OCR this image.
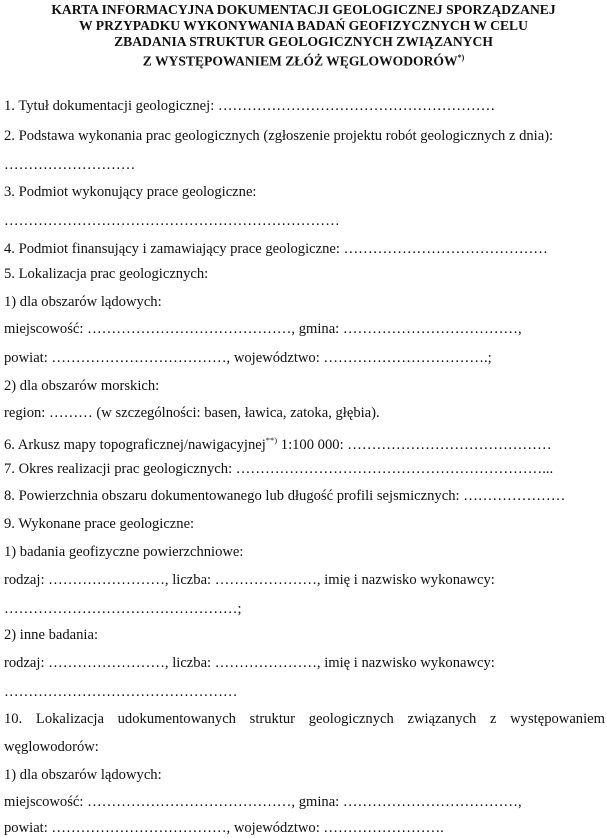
KARTA INFORMACYJNA DOKUMENTACJI GEOLOGICZNEJ SPORZĄDZANEJ
W PRZYPADKU WYKONYWANIA BADAŃ GEOFIZYCZNYCH W CELU
ZBADANIA STRUKTUR GEOLOGICZNYCH ZWIĄZANYCH
Z WYSTĘPOWANIEM ZŁÓŻ WĘGLOWODORÓW*)
1. Tytuł dokumentacji geologicznej: …………………………………………………
2. Podstawa wykonania prac geologicznych (zgłoszenie projektu robót geologicznych z dnia):
………………………
3. Podmiot wykonujący prace geologiczne:
……………………………………………………………
4. Podmiot finansujący i zamawiający prace geologiczne: ……………………………………
5. Lokalizacja prac geologicznych:
1) dla obszarów lądowych:
miejscowość: ……………………………………, gmina: ………………………………,
powiat: ………………………………, województwo: …………………………….;
2) dla obszarów morskich:
region: ……… (w szczególności: basen, ławica, zatoka, głębia).
6. Arkusz mapy topograficznej/nawigacyjnej**) 1:100 000: ……………………………………
7. Okres realizacji prac geologicznych: ………………………………………………………...
8. Powierzchnia obszaru dokumentowanego lub długość profili sejsmicznych: …………………
9. Wykonane prace geologiczne:
1) badania geofizyczne powierzchniowe:
rodzaj: ……………………, liczba: …………………, imię i nazwisko wykonawcy:
…………………………………………;
2) inne badania:
rodzaj: ……………………, liczba: …………………, imię i nazwisko wykonawcy:
…………………………………………
10. Lokalizacja udokumentowanych struktur geologicznych związanych z występowaniem
węglowodorów:
1) dla obszarów lądowych:
miejscowość: ……………………………………, gmina: ………………………………,
powiat: ………………………………, województwo: …………………….
